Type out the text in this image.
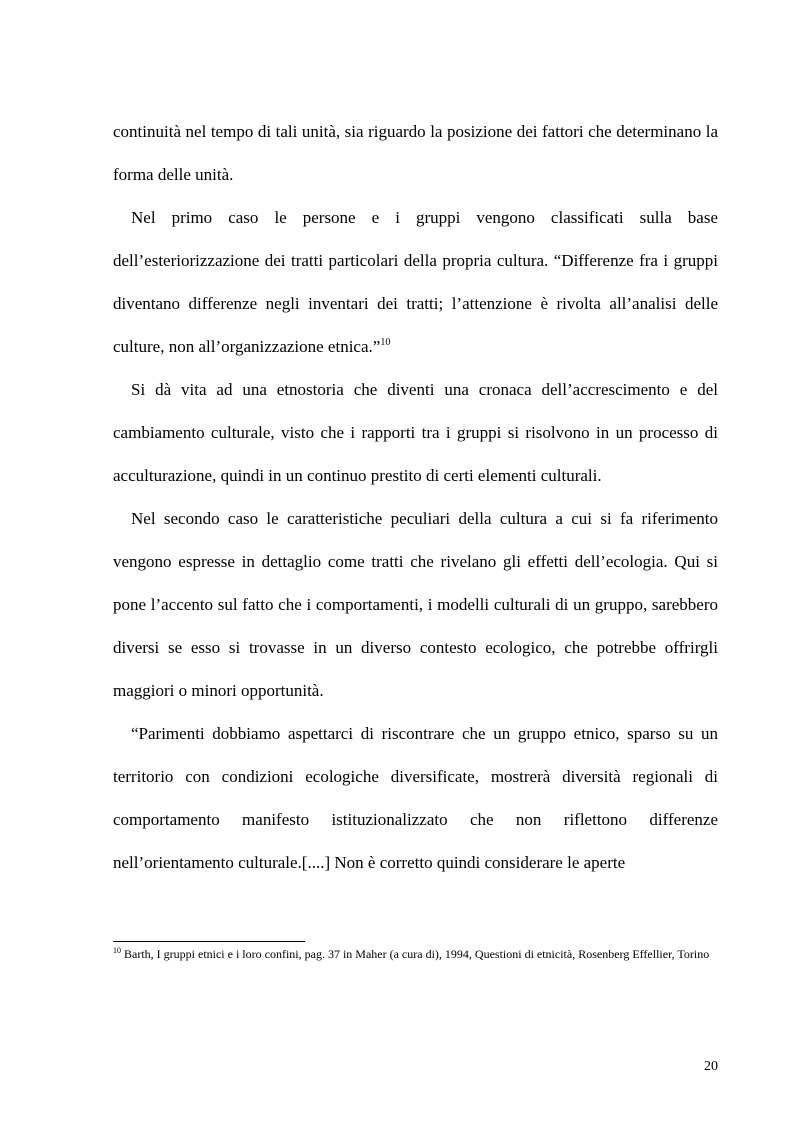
continuità nel tempo di tali unità, sia riguardo la posizione dei fattori che determinano la forma delle unità.

Nel primo caso le persone e i gruppi vengono classificati sulla base dell’esteriorizzazione dei tratti particolari della propria cultura. “Differenze fra i gruppi diventano differenze negli inventari dei tratti; l’attenzione è rivolta all’analisi delle culture, non all’organizzazione etnica.”$^{10}$

Si dà vita ad una etnostoria che diventi una cronaca dell’accrescimento e del cambiamento culturale, visto che i rapporti tra i gruppi si risolvono in un processo di acculturazione, quindi in un continuo prestito di certi elementi culturali.

Nel secondo caso le caratteristiche peculiari della cultura a cui si fa riferimento vengono espresse in dettaglio come tratti che rivelano gli effetti dell’ecologia. Qui si pone l’accento sul fatto che i comportamenti, i modelli culturali di un gruppo, sarebbero diversi se esso si trovasse in un diverso contesto ecologico, che potrebbe offrirgli maggiori o minori opportunità.

“Parimenti dobbiamo aspettarci di riscontrare che un gruppo etnico, sparso su un territorio con condizioni ecologiche diversificate, mostrerà diversità regionali di comportamento manifesto istituzionalizzato che non riflettono differenze nell’orientamento culturale.[....] Non è corretto quindi considerare le aperte

$^{10}$ Barth, I gruppi etnici e i loro confini, pag. 37 in Maher (a cura di), 1994, Questioni di etnicità, Rosenberg Effellier, Torino
20
